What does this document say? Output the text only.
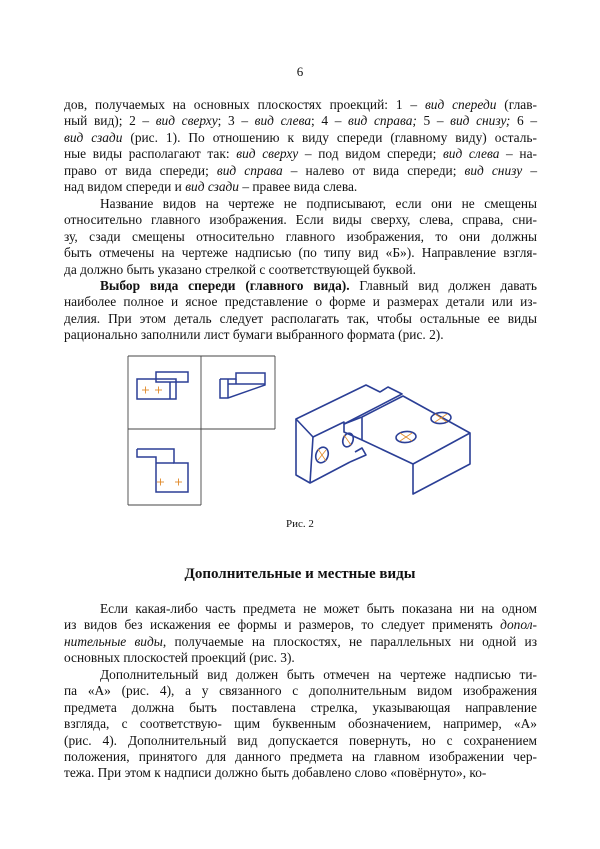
6
дов, получаемых на основных плоскостях проекций: 1 – вид спереди (глав-
ный вид); 2 – вид сверху; 3 – вид слева; 4 – вид справа; 5 – вид снизу; 6 –
вид сзади (рис. 1). По отношению к виду спереди (главному виду) осталь-
ные виды располагают так: вид сверху – под видом спереди; вид слева – на-
право от вида спереди; вид справа – налево от вида спереди; вид снизу –
над видом спереди и вид сзади – правее вида слева.
Название видов на чертеже не подписывают, если они не смещены
относительно главного изображения. Если виды сверху, слева, справа, сни-
зу, сзади смещены относительно главного изображения, то они должны
быть отмечены на чертеже надписью (по типу вид «Б»). Направление взгля-
да должно быть указано стрелкой с соответствующей буквой.
Выбор вида спереди (главного вида). Главный вид должен давать
наиболее полное и ясное представление о форме и размерах детали или из-
делия. При этом деталь следует располагать так, чтобы остальные ее виды
рационально заполнили лист бумаги выбранного формата (рис. 2).
Рис. 2
Дополнительные и местные виды
Если какая-либо часть предмета не может быть показана ни на одном
из видов без искажения ее формы и размеров, то следует применять допол-
нительные виды, получаемые на плоскостях, не параллельных ни одной из
основных плоскостей проекций (рис. 3).
Дополнительный вид должен быть отмечен на чертеже надписью ти-
па «А» (рис. 4), а у связанного с дополнительным видом изображения
предмета должна быть поставлена стрелка, указывающая направление
взгляда, с соответствую- щим буквенным обозначением, например, «А»
(рис. 4). Дополнительный вид допускается повернуть, но с сохранением
положения, принятого для данного предмета на главном изображении чер-
тежа. При этом к надписи должно быть добавлено слово «повёрнуто», ко-
